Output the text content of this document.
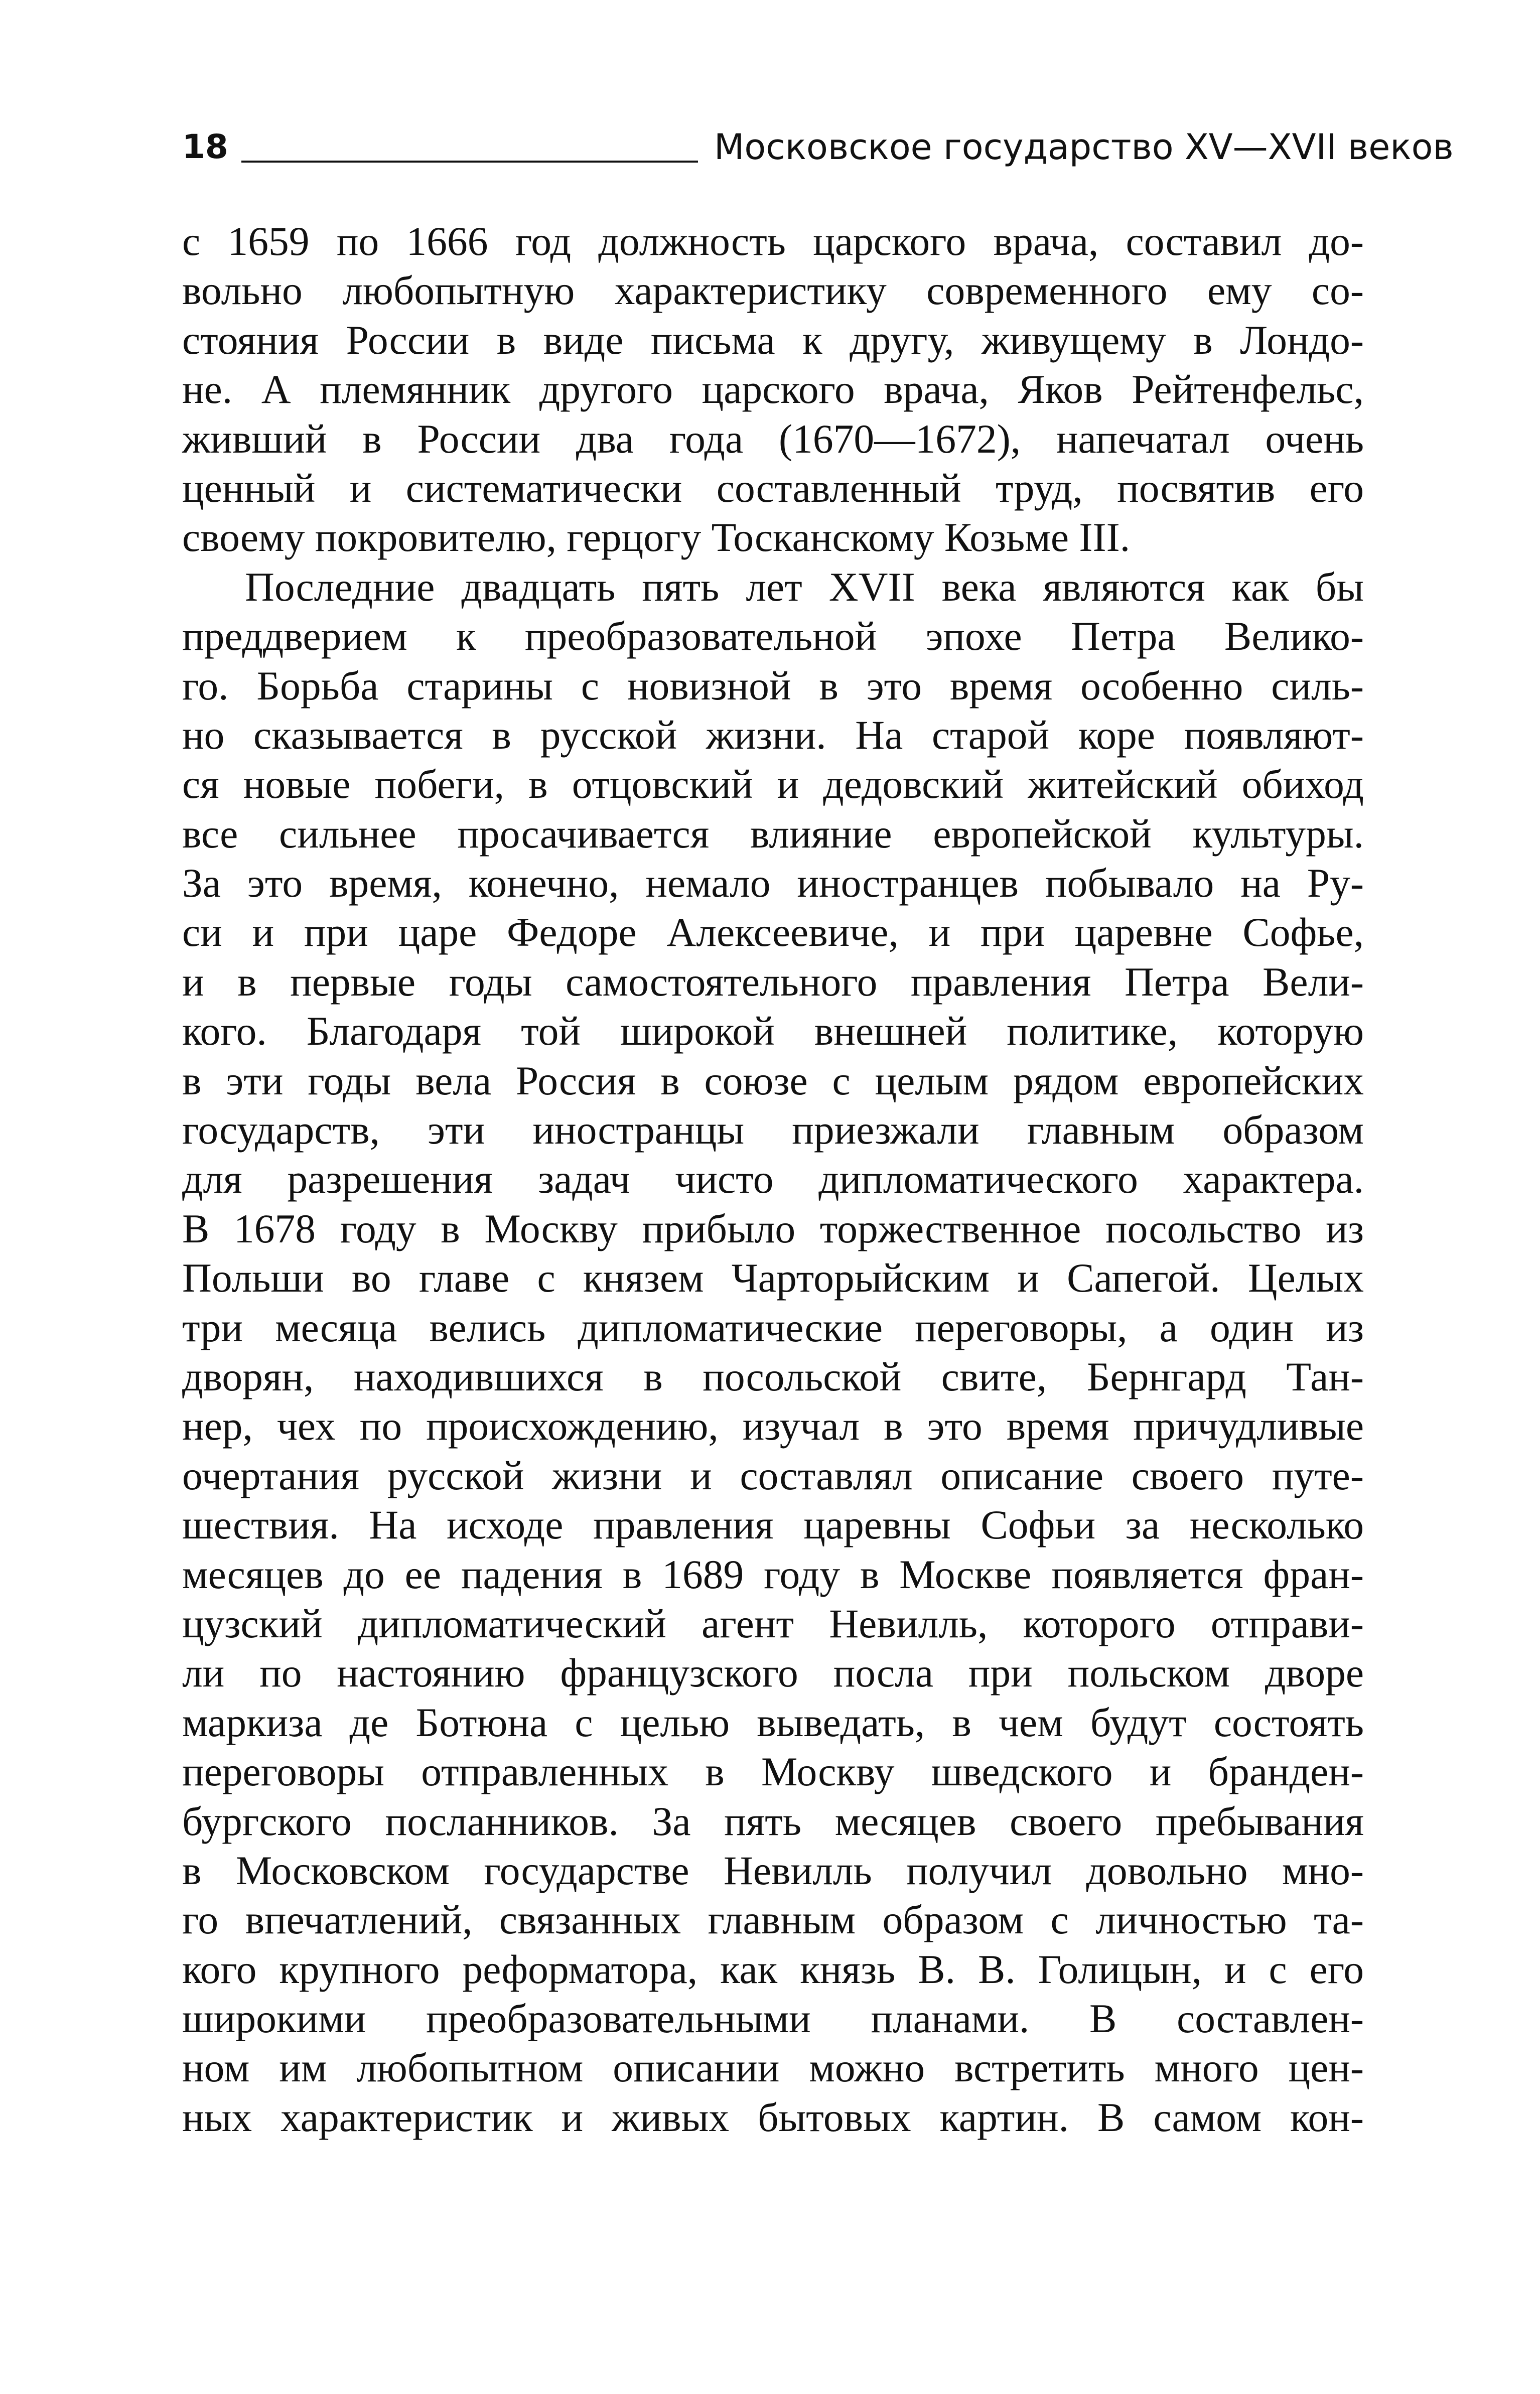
18	Московское государство XV—XVII веков

с 1659 по 1666 год должность царского врача, составил до-
вольно любопытную характеристику современного ему со-
стояния России в виде письма к другу, живущему в Лондо-
не. А племянник другого царского врача, Яков Рейтенфельс,
живший в России два года (1670—1672), напечатал очень
ценный и систематически составленный труд, посвятив его
своему покровителю, герцогу Тосканскому Козьме III.

Последние двадцать пять лет XVII века являются как бы
преддверием к преобразовательной эпохе Петра Велико-
го. Борьба старины с новизной в это время особенно силь-
но сказывается в русской жизни. На старой коре появляют-
ся новые побеги, в отцовский и дедовский житейский обиход
все сильнее просачивается влияние европейской культуры.
За это время, конечно, немало иностранцев побывало на Ру-
си и при царе Федоре Алексеевиче, и при царевне Софье,
и в первые годы самостоятельного правления Петра Вели-
кого. Благодаря той широкой внешней политике, которую
в эти годы вела Россия в союзе с целым рядом европейских
государств, эти иностранцы приезжали главным образом
для разрешения задач чисто дипломатического характера.
В 1678 году в Москву прибыло торжественное посольство из
Польши во главе с князем Чарторыйским и Сапегой. Целых
три месяца велись дипломатические переговоры, а один из
дворян, находившихся в посольской свите, Бернгард Тан-
нер, чех по происхождению, изучал в это время причудливые
очертания русской жизни и составлял описание своего путе-
шествия. На исходе правления царевны Софьи за несколько
месяцев до ее падения в 1689 году в Москве появляется фран-
цузский дипломатический агент Невилль, которого отправи-
ли по настоянию французского посла при польском дворе
маркиза де Ботюна с целью выведать, в чем будут состоять
переговоры отправленных в Москву шведского и бранден-
бургского посланников. За пять месяцев своего пребывания
в Московском государстве Невилль получил довольно мно-
го впечатлений, связанных главным образом с личностью та-
кого крупного реформатора, как князь В. В. Голицын, и с его
широкими преобразовательными планами. В составлен-
ном им любопытном описании можно встретить много цен-
ных характеристик и живых бытовых картин. В самом кон-
